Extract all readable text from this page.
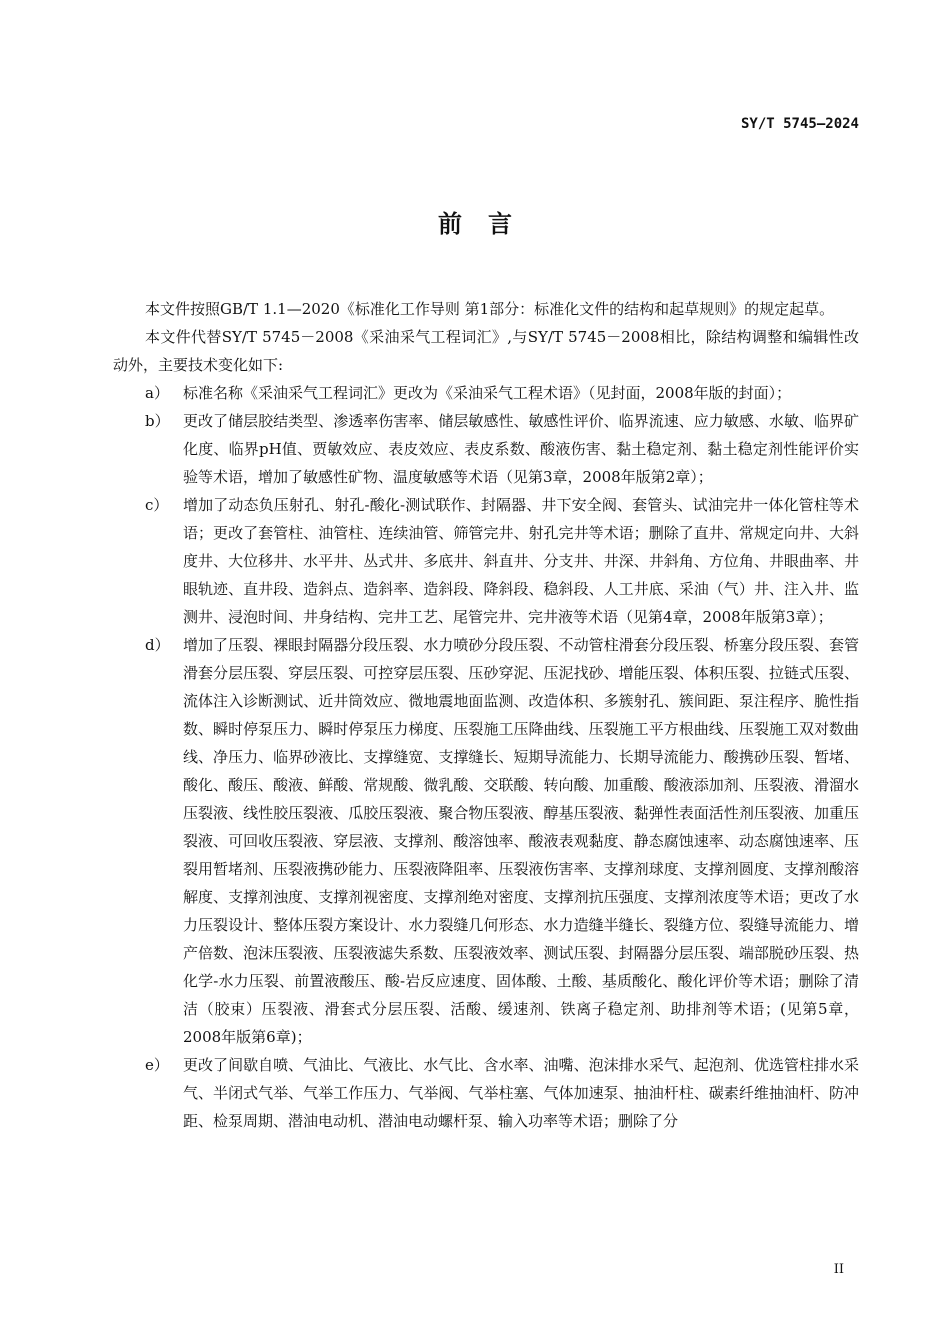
SY/T 5745—2024
前言

本文件按照GB/T 1.1—2020《标准化工作导则 第1部分：标准化文件的结构和起草规则》的规定起草。

本文件代替SY/T 5745－2008《采油采气工程词汇》,与SY/T 5745－2008相比，除结构调整和编辑性改动外，主要技术变化如下:

a） 标准名称《采油采气工程词汇》更改为《采油采气工程术语》（见封面，2008年版的封面）；
b） 更改了储层胶结类型、渗透率伤害率、储层敏感性、敏感性评价、临界流速、应力敏感、水敏、临界矿化度、临界pH值、贾敏效应、表皮效应、表皮系数、酸液伤害、黏土稳定剂、黏土稳定剂性能评价实验等术语，增加了敏感性矿物、温度敏感等术语（见第3章，2008年版第2章）；
c） 增加了动态负压射孔、射孔-酸化-测试联作、封隔器、井下安全阀、套管头、试油完井一体化管柱等术语；更改了套管柱、油管柱、连续油管、筛管完井、射孔完井等术语；删除了直井、常规定向井、大斜度井、大位移井、水平井、丛式井、多底井、斜直井、分支井、井深、井斜角、方位角、井眼曲率、井眼轨迹、直井段、造斜点、造斜率、造斜段、降斜段、稳斜段、人工井底、采油（气）井、注入井、监测井、浸泡时间、井身结构、完井工艺、尾管完井、完井液等术语（见第4章，2008年版第3章）；
d） 增加了压裂、裸眼封隔器分段压裂、水力喷砂分段压裂、不动管柱滑套分段压裂、桥塞分段压裂、套管滑套分层压裂、穿层压裂、可控穿层压裂、压砂穿泥、压泥找砂、增能压裂、体积压裂、拉链式压裂、流体注入诊断测试、近井筒效应、微地震地面监测、改造体积、多簇射孔、簇间距、泵注程序、脆性指数、瞬时停泵压力、瞬时停泵压力梯度、压裂施工压降曲线、压裂施工平方根曲线、压裂施工双对数曲线、净压力、临界砂液比、支撑缝宽、支撑缝长、短期导流能力、长期导流能力、酸携砂压裂、暂堵、酸化、酸压、酸液、鲜酸、常规酸、微乳酸、交联酸、转向酸、加重酸、酸液添加剂、压裂液、滑溜水压裂液、线性胶压裂液、瓜胶压裂液、聚合物压裂液、醇基压裂液、黏弹性表面活性剂压裂液、加重压裂液、可回收压裂液、穿层液、支撑剂、酸溶蚀率、酸液表观黏度、静态腐蚀速率、动态腐蚀速率、压裂用暂堵剂、压裂液携砂能力、压裂液降阻率、压裂液伤害率、支撑剂球度、支撑剂圆度、支撑剂酸溶解度、支撑剂浊度、支撑剂视密度、支撑剂绝对密度、支撑剂抗压强度、支撑剂浓度等术语；更改了水力压裂设计、整体压裂方案设计、水力裂缝几何形态、水力造缝半缝长、裂缝方位、裂缝导流能力、增产倍数、泡沫压裂液、压裂液滤失系数、压裂液效率、测试压裂、封隔器分层压裂、端部脱砂压裂、热化学-水力压裂、前置液酸压、酸-岩反应速度、固体酸、土酸、基质酸化、酸化评价等术语；删除了清洁（胶束）压裂液、滑套式分层压裂、活酸、缓速剂、铁离子稳定剂、助排剂等术语；(见第5章，2008年版第6章)；
e） 更改了间歇自喷、气油比、气液比、水气比、含水率、油嘴、泡沫排水采气、起泡剂、优选管柱排水采气、半闭式气举、气举工作压力、气举阀、气举柱塞、气体加速泵、抽油杆柱、碳素纤维抽油杆、防冲距、检泵周期、潜油电动机、潜油电动螺杆泵、输入功率等术语；删除了分
II
